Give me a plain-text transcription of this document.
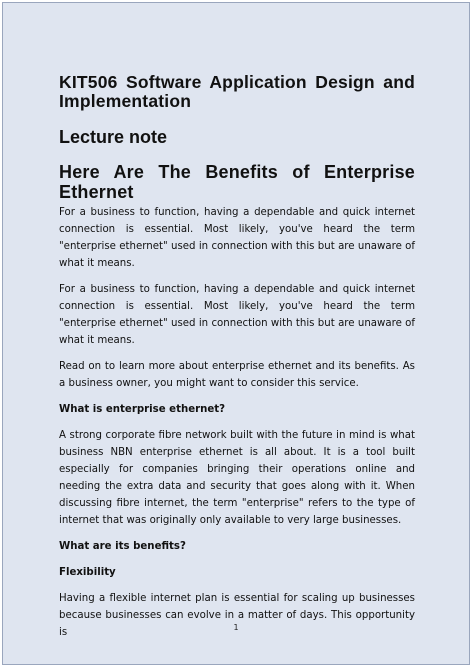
KIT506 Software Application Design and Implementation
Lecture note
Here Are The Benefits of Enterprise Ethernet

For a business to function, having a dependable and quick internet connection is essential. Most likely, you've heard the term "enterprise ethernet" used in connection with this but are unaware of what it means.

For a business to function, having a dependable and quick internet connection is essential. Most likely, you've heard the term "enterprise ethernet" used in connection with this but are unaware of what it means.

Read on to learn more about enterprise ethernet and its benefits. As a business owner, you might want to consider this service.

What is enterprise ethernet?

A strong corporate fibre network built with the future in mind is what business NBN enterprise ethernet is all about. It is a tool built especially for companies bringing their operations online and needing the extra data and security that goes along with it. When discussing fibre internet, the term "enterprise" refers to the type of internet that was originally only available to very large businesses.

What are its benefits?

Flexibility

Having a flexible internet plan is essential for scaling up businesses because businesses can evolve in a matter of days. This opportunity is	1
